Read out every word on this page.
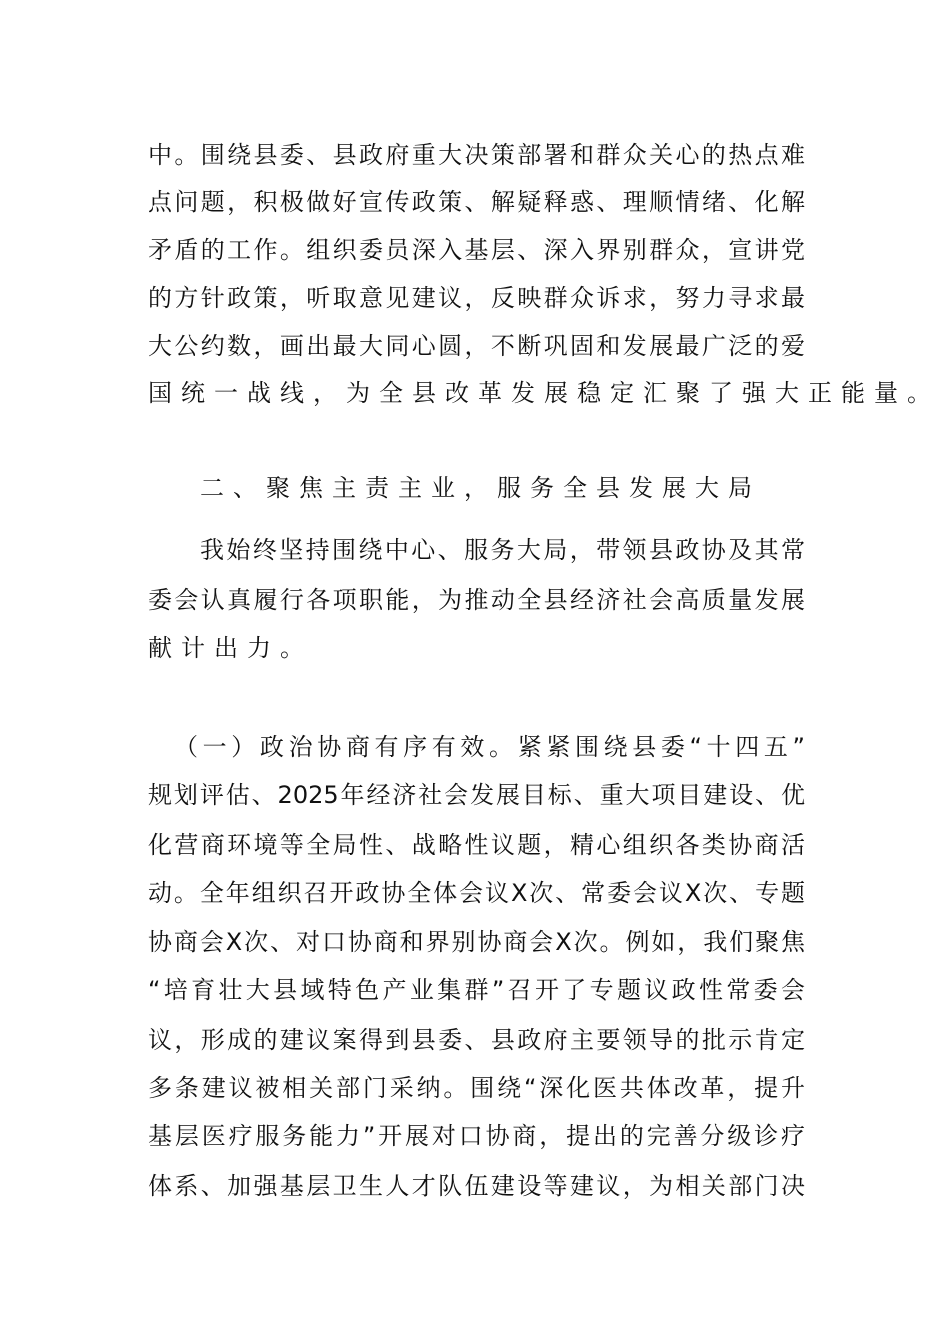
中。围绕县委、县政府重大决策部署和群众关心的热点难
点问题，积极做好宣传政策、解疑释惑、理顺情绪、化解
矛盾的工作。组织委员深入基层、深入界别群众，宣讲党
的方针政策，听取意见建议，反映群众诉求，努力寻求最
大公约数，画出最大同心圆，不断巩固和发展最广泛的爱
国统一战线，为全县改革发展稳定汇聚了强大正能量。
二、聚焦主责主业，服务全县发展大局
我始终坚持围绕中心、服务大局，带领县政协及其常
委会认真履行各项职能，为推动全县经济社会高质量发展
献计出力。
（一）政治协商有序有效。紧紧围绕县委“十四五”
规划评估、2025年经济社会发展目标、重大项目建设、优
化营商环境等全局性、战略性议题，精心组织各类协商活
动。全年组织召开政协全体会议X次、常委会议X次、专题
协商会X次、对口协商和界别协商会X次。例如，我们聚焦
“培育壮大县域特色产业集群”召开了专题议政性常委会
议，形成的建议案得到县委、县政府主要领导的批示肯定
多条建议被相关部门采纳。围绕“深化医共体改革，提升
基层医疗服务能力”开展对口协商，提出的完善分级诊疗
体系、加强基层卫生人才队伍建设等建议，为相关部门决
